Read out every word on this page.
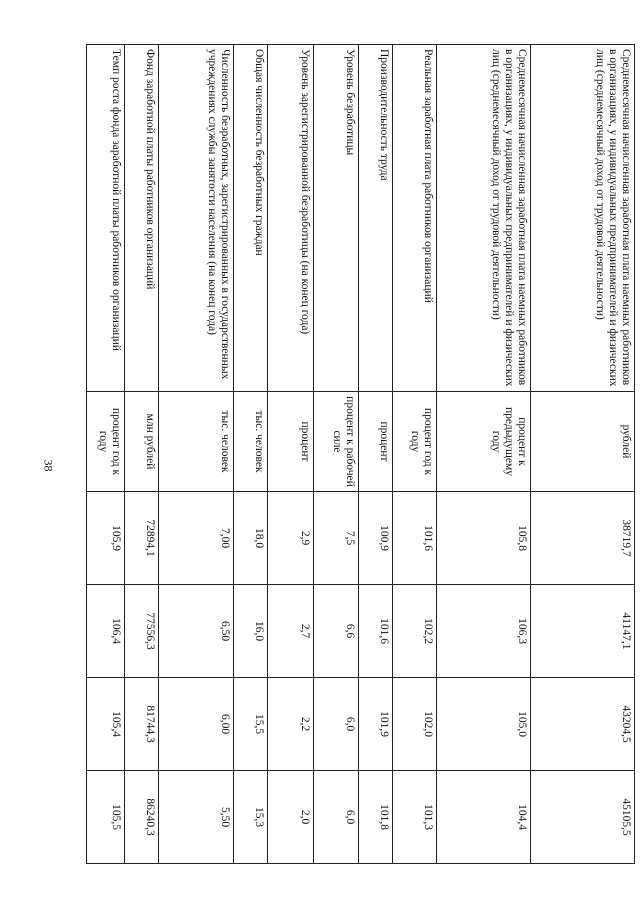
38
Среднемесячная начисленная заработная плата наемных работников в организациях, у индивидуальных предпринимателей и физических лиц (среднемесячный доход от трудовой деятельности)	рублей	38719,7	41147,1	43204,5	45105,5
Среднемесячная начисленная заработная плата наемных работников в организациях, у индивидуальных предпринимателей и физических лиц (среднемесячный доход от трудовой деятельности)	процент к предыдущему году	105,8	106,3	105,0	104,4
Реальная заработная плата работников организаций	процент год к году	101,6	102,2	102,0	101,3
Производительность труда	процент	100,9	101,6	101,9	101,8
Уровень безработицы	процент к рабочей силе	7,5	6,6	6,0	6,0
Уровень зарегистрированной безработицы (на конец года)	процент	2,9	2,7	2,2	2,0
Общая численность безработных граждан	тыс. человек	18,0	16,0	15,5	15,3
Численность безработных, зарегистрированных в государственных учреждениях службы занятости населения (на конец года)	тыс. человек	7,00	6,50	6,00	5,50
Фонд заработной платы работников организаций	млн рублей	72894,1	77556,3	81744,3	86240,3
Темп роста фонда заработной платы работников организаций	процент год к году	105,9	106,4	105,4	105,5
